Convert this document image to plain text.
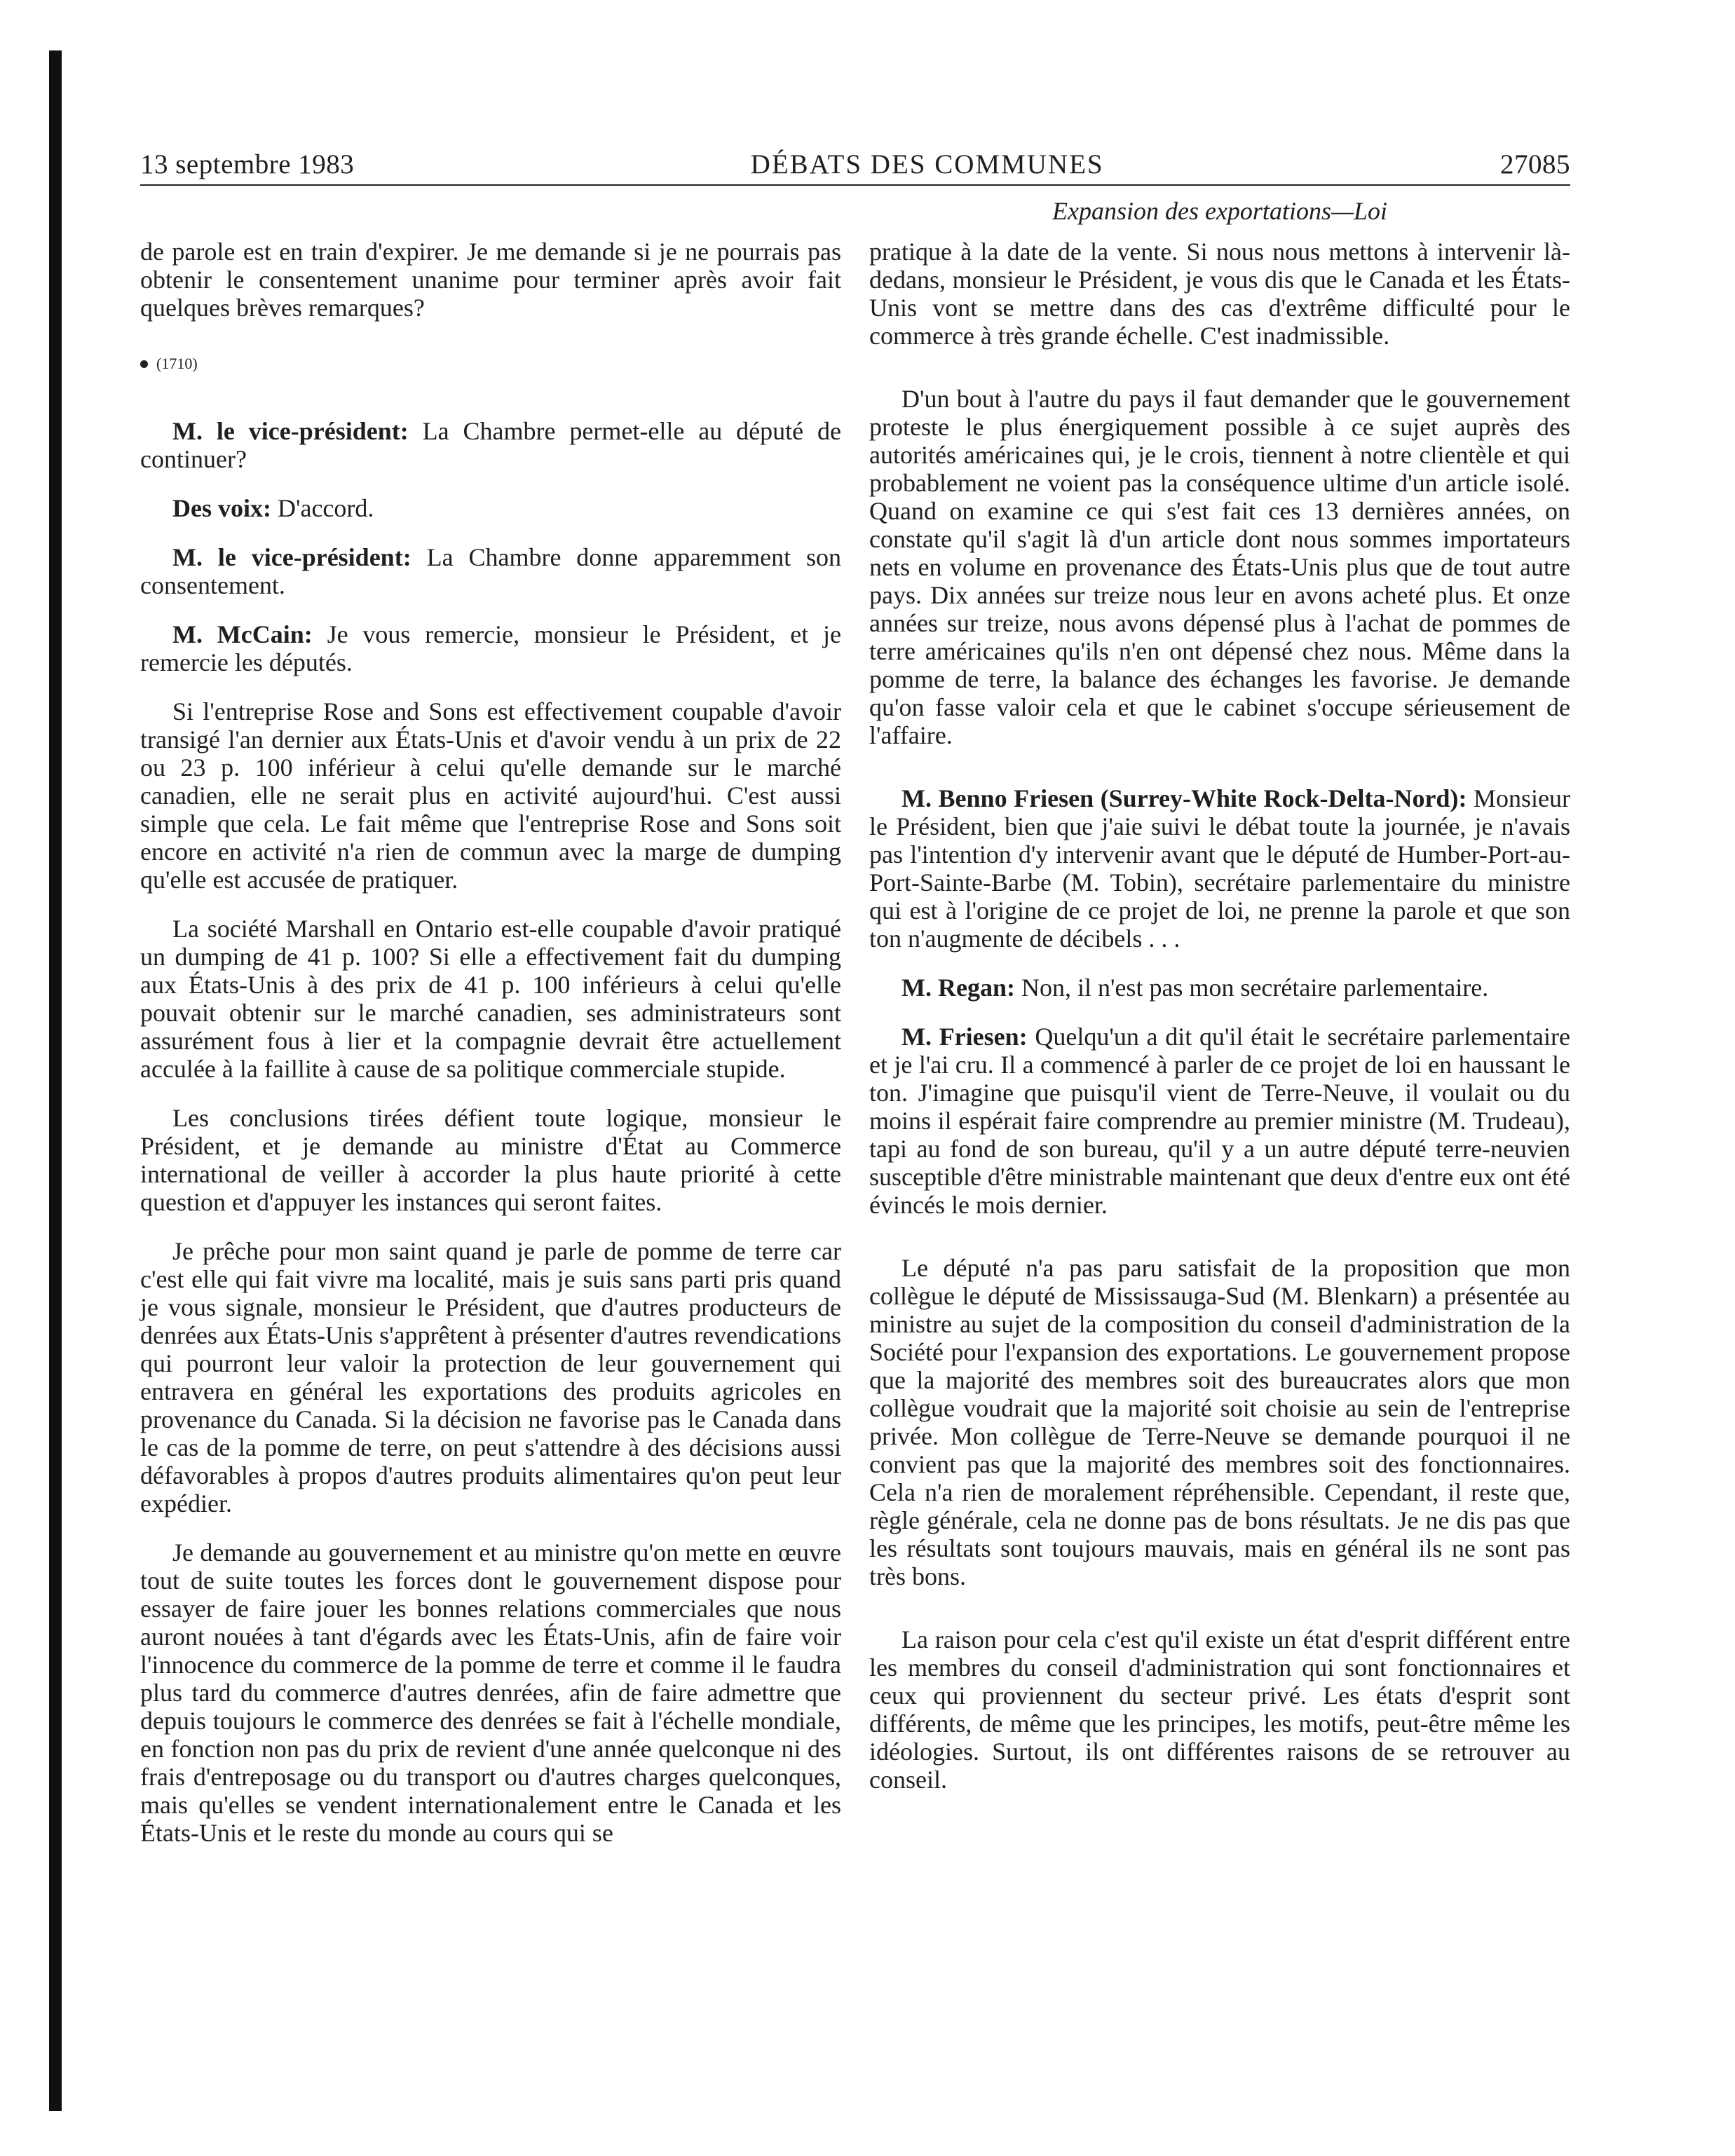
13 septembre 1983	DÉBATS DES COMMUNES	27085

de parole est en train d'expirer. Je me demande si je ne pourrais pas obtenir le consentement unanime pour terminer après avoir fait quelques brèves remarques?

(1710)

M. le vice-président: La Chambre permet-elle au député de continuer?

Des voix: D'accord.

M. le vice-président: La Chambre donne apparemment son consentement.

M. McCain: Je vous remercie, monsieur le Président, et je remercie les députés.

Si l'entreprise Rose and Sons est effectivement coupable d'avoir transigé l'an dernier aux États-Unis et d'avoir vendu à un prix de 22 ou 23 p. 100 inférieur à celui qu'elle demande sur le marché canadien, elle ne serait plus en activité aujourd'hui. C'est aussi simple que cela. Le fait même que l'entreprise Rose and Sons soit encore en activité n'a rien de commun avec la marge de dumping qu'elle est accusée de pratiquer.

La société Marshall en Ontario est-elle coupable d'avoir pratiqué un dumping de 41 p. 100? Si elle a effectivement fait du dumping aux États-Unis à des prix de 41 p. 100 inférieurs à celui qu'elle pouvait obtenir sur le marché canadien, ses administrateurs sont assurément fous à lier et la compagnie devrait être actuellement acculée à la faillite à cause de sa politique commerciale stupide.

Les conclusions tirées défient toute logique, monsieur le Président, et je demande au ministre d'État au Commerce international de veiller à accorder la plus haute priorité à cette question et d'appuyer les instances qui seront faites.

Je prêche pour mon saint quand je parle de pomme de terre car c'est elle qui fait vivre ma localité, mais je suis sans parti pris quand je vous signale, monsieur le Président, que d'autres producteurs de denrées aux États-Unis s'apprêtent à présenter d'autres revendications qui pourront leur valoir la protection de leur gouvernement qui entravera en général les exportations des produits agricoles en provenance du Canada. Si la décision ne favorise pas le Canada dans le cas de la pomme de terre, on peut s'attendre à des décisions aussi défavorables à propos d'autres produits alimentaires qu'on peut leur expédier.

Je demande au gouvernement et au ministre qu'on mette en œuvre tout de suite toutes les forces dont le gouvernement dispose pour essayer de faire jouer les bonnes relations commerciales que nous auront nouées à tant d'égards avec les États-Unis, afin de faire voir l'innocence du commerce de la pomme de terre et comme il le faudra plus tard du commerce d'autres denrées, afin de faire admettre que depuis toujours le commerce des denrées se fait à l'échelle mondiale, en fonction non pas du prix de revient d'une année quelconque ni des frais d'entreposage ou du transport ou d'autres charges quelconques, mais qu'elles se vendent internationalement entre le Canada et les États-Unis et le reste du monde au cours qui se

Expansion des exportations—Loi

pratique à la date de la vente. Si nous nous mettons à intervenir là-dedans, monsieur le Président, je vous dis que le Canada et les États-Unis vont se mettre dans des cas d'extrême difficulté pour le commerce à très grande échelle. C'est inadmissible.

D'un bout à l'autre du pays il faut demander que le gouvernement proteste le plus énergiquement possible à ce sujet auprès des autorités américaines qui, je le crois, tiennent à notre clientèle et qui probablement ne voient pas la conséquence ultime d'un article isolé. Quand on examine ce qui s'est fait ces 13 dernières années, on constate qu'il s'agit là d'un article dont nous sommes importateurs nets en volume en provenance des États-Unis plus que de tout autre pays. Dix années sur treize nous leur en avons acheté plus. Et onze années sur treize, nous avons dépensé plus à l'achat de pommes de terre américaines qu'ils n'en ont dépensé chez nous. Même dans la pomme de terre, la balance des échanges les favorise. Je demande qu'on fasse valoir cela et que le cabinet s'occupe sérieusement de l'affaire.

M. Benno Friesen (Surrey-White Rock-Delta-Nord): Monsieur le Président, bien que j'aie suivi le débat toute la journée, je n'avais pas l'intention d'y intervenir avant que le député de Humber-Port-au-Port-Sainte-Barbe (M. Tobin), secrétaire parlementaire du ministre qui est à l'origine de ce projet de loi, ne prenne la parole et que son ton n'augmente de décibels . . .

M. Regan: Non, il n'est pas mon secrétaire parlementaire.

M. Friesen: Quelqu'un a dit qu'il était le secrétaire parlementaire et je l'ai cru. Il a commencé à parler de ce projet de loi en haussant le ton. J'imagine que puisqu'il vient de Terre-Neuve, il voulait ou du moins il espérait faire comprendre au premier ministre (M. Trudeau), tapi au fond de son bureau, qu'il y a un autre député terre-neuvien susceptible d'être ministrable maintenant que deux d'entre eux ont été évincés le mois dernier.

Le député n'a pas paru satisfait de la proposition que mon collègue le député de Mississauga-Sud (M. Blenkarn) a présentée au ministre au sujet de la composition du conseil d'administration de la Société pour l'expansion des exportations. Le gouvernement propose que la majorité des membres soit des bureaucrates alors que mon collègue voudrait que la majorité soit choisie au sein de l'entreprise privée. Mon collègue de Terre-Neuve se demande pourquoi il ne convient pas que la majorité des membres soit des fonctionnaires. Cela n'a rien de moralement répréhensible. Cependant, il reste que, règle générale, cela ne donne pas de bons résultats. Je ne dis pas que les résultats sont toujours mauvais, mais en général ils ne sont pas très bons.

La raison pour cela c'est qu'il existe un état d'esprit différent entre les membres du conseil d'administration qui sont fonctionnaires et ceux qui proviennent du secteur privé. Les états d'esprit sont différents, de même que les principes, les motifs, peut-être même les idéologies. Surtout, ils ont différentes raisons de se retrouver au conseil.
